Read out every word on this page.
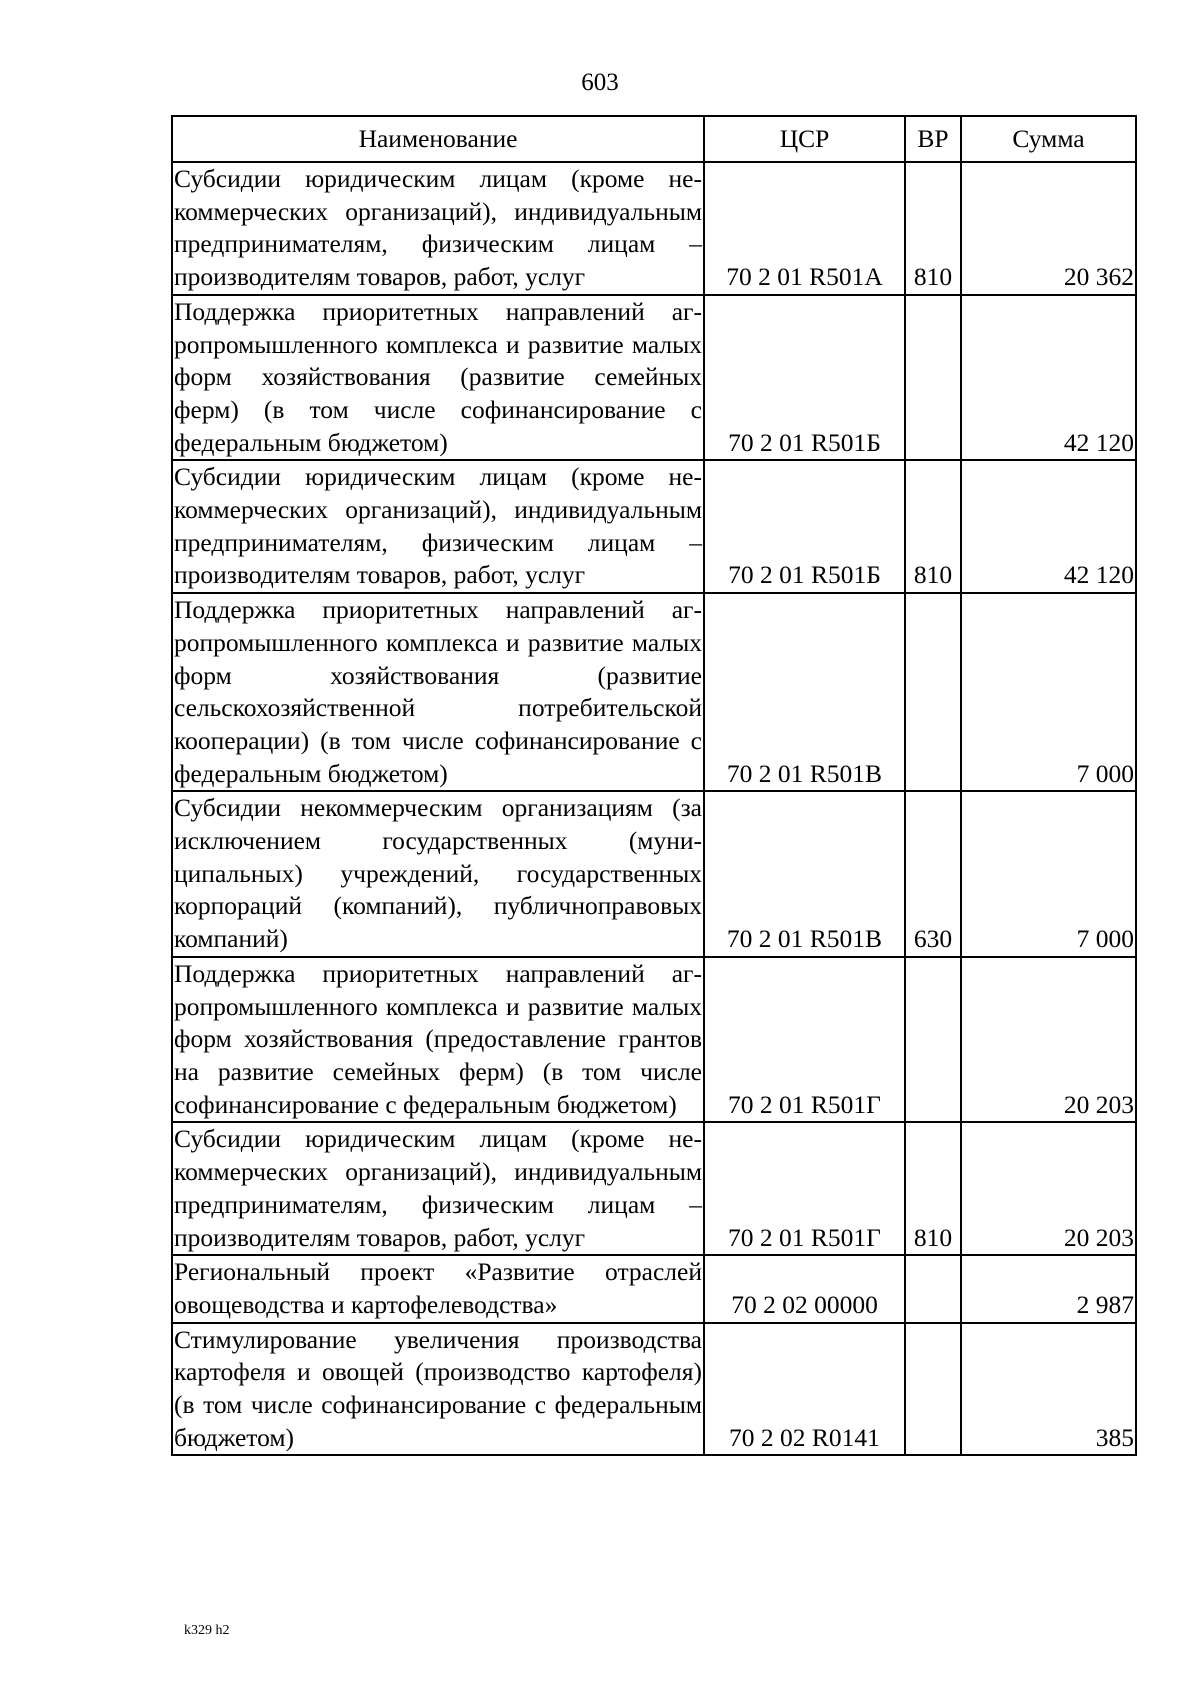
603
Наименование	ЦСР	ВР	Сумма
Субсидии юридическим лицам (кроме некоммерческих организаций), индивидуальным предпринимателям, физическим лицам – производителям товаров, работ, услуг	70 2 01 R501А	810	20 362
Поддержка приоритетных направлений агропромышленного комплекса и развитие малых форм хозяйствования (развитие семейных ферм) (в том числе софинансирование с федеральным бюджетом)	70 2 01 R501Б		42 120
Субсидии юридическим лицам (кроме некоммерческих организаций), индивидуальным предпринимателям, физическим лицам – производителям товаров, работ, услуг	70 2 01 R501Б	810	42 120
Поддержка приоритетных направлений агропромышленного комплекса и развитие малых форм хозяйствования (развитие сельскохозяйственной потребительской кооперации) (в том числе софинансирование с федеральным бюджетом)	70 2 01 R501В		7 000
Субсидии некоммерческим организациям (за исключением государственных (муниципальных) учреждений, государственных корпораций (компаний), публичноправовых компаний)	70 2 01 R501В	630	7 000
Поддержка приоритетных направлений агропромышленного комплекса и развитие малых форм хозяйствования (предоставление грантов на развитие семейных ферм) (в том числе софинансирование с федеральным бюджетом)	70 2 01 R501Г		20 203
Субсидии юридическим лицам (кроме некоммерческих организаций), индивидуальным предпринимателям, физическим лицам – производителям товаров, работ, услуг	70 2 01 R501Г	810	20 203
Региональный проект «Развитие отраслей овощеводства и картофелеводства»	70 2 02 00000		2 987
Стимулирование увеличения производства картофеля и овощей (производство картофеля) (в том числе софинансирование с федеральным бюджетом)	70 2 02 R0141		385
k329 h2
